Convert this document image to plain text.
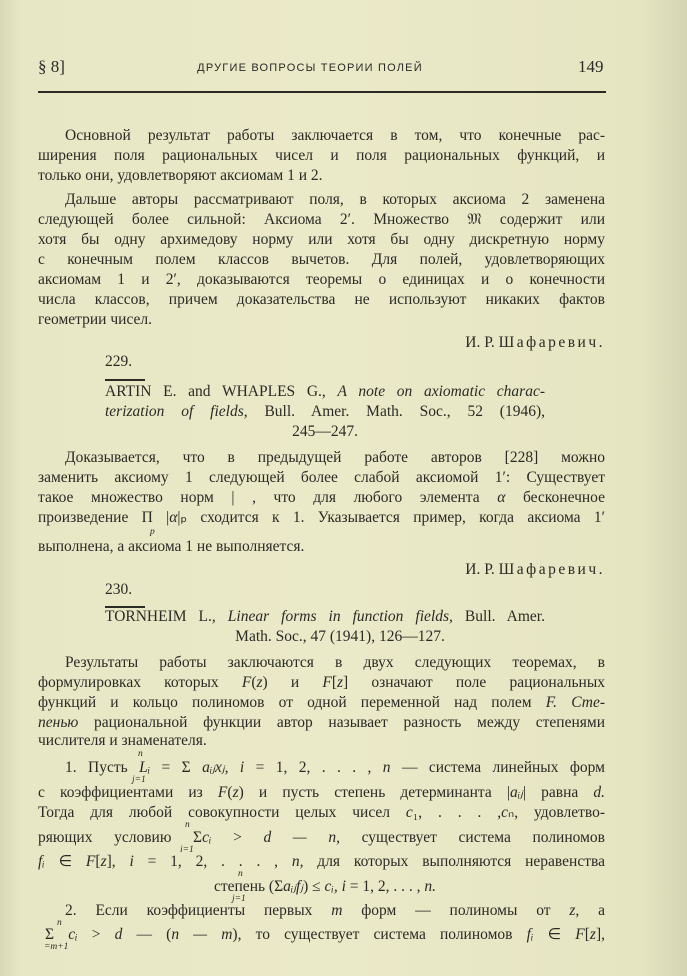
§ 8]	ДРУГИЕ ВОПРОСЫ ТЕОРИИ ПОЛЕЙ	149
Основной результат работы заключается в том, что конечные рас-
ширения поля рациональных чисел и поля рациональных функций, и
только они, удовлетворяют аксиомам 1 и 2.
Дальше авторы рассматривают поля, в которых аксиома 2 заменена
следующей более сильной: Аксиома 2′. Множество 𝔐 содержит или
хотя бы одну архимедову норму или хотя бы одну дискретную норму
с конечным полем классов вычетов. Для полей, удовлетворяющих
аксиомам 1 и 2′, доказываются теоремы о единицах и о конечности
числа классов, причем доказательства не используют никаких фактов
геометрии чисел.
И. Р. Шафаревич.
229.
ARTIN E. and WHAPLES G., A note on axiomatic charac-
terization of fields, Bull. Amer. Math. Soc., 52 (1946),
245—247.
Доказывается, что в предыдущей работе авторов [228] можно
заменить аксиому 1 следующей более слабой аксиомой 1′: Существует
такое множество норм | , что для любого элемента α бесконечное
произведение Π |α|ₚ сходится к 1. Указывается пример, когда аксиома 1′
выполнена, а аксиома 1 не выполняется.
И. Р. Шафаревич.
230.
TORNHEIM L., Linear forms in function fields, Bull. Amer.
Math. Soc., 47 (1941), 126—127.
Результаты работы заключаются в двух следующих теоремах, в
формулировках которых F(z) и F[z] означают поле рациональных
функций и кольцо полиномов от одной переменной над полем F. Сте-
пенью рациональной функции автор называет разность между степенями
числителя и знаменателя.
1. Пусть Lᵢ = Σ aᵢⱼxⱼ, i = 1, 2, . . . , n — система линейных форм
с коэффициентами из F(z) и пусть степень детерминанта |aᵢⱼ| равна d.
Тогда для любой совокупности целых чисел c₁, . . . ,cₙ, удовлетво-
ряющих условию Σcᵢ > d — n, существует система полиномов
fᵢ ∈ F[z], i = 1, 2, . . . , n, для которых выполняются неравенства
степень (Σaᵢⱼfⱼ) ≤ cᵢ, i = 1, 2, . . . , n.
2. Если коэффициенты первых m форм — полиномы от z, а
Σ cᵢ > d — (n — m), то существует система полиномов fᵢ ∈ F[z],
p
n
j=1
n
i=1
n
j=1
n
=m+1
